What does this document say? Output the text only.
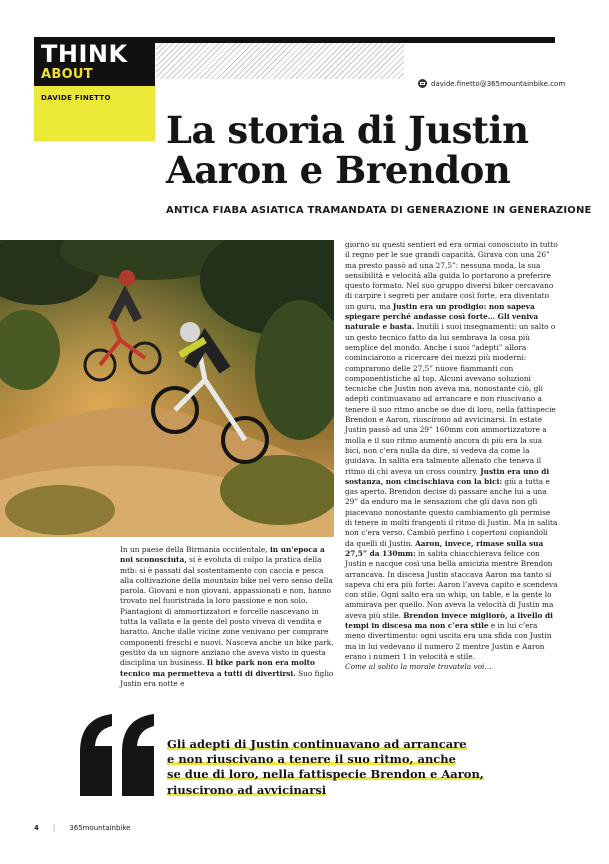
THINK
ABOUT
DAVIDE FINETTO
davide.finetto@365mountainbike.com
La storia di Justin
Aaron e Brendon
ANTICA FIABA ASIATICA TRAMANDATA DI GENERAZIONE IN GENERAZIONE

In un paese della Birmania occidentale, in un'epoca a noi sconosciuta, si è evoluta di colpo la pratica della mtb: si è passati dal sostentamento con caccia e pesca alla coltivazione della mountain bike nel vero senso della parola. Giovani e non giovani, appassionati e non, hanno trovato nel fuoristrada la loro passione e non solo. Piantagioni di ammortizzatori e forcelle nascevano in tutta la vallata e la gente del posto viveva di vendita e baratto. Anche dalle vicine zone venivano per comprare componenti freschi e nuovi. Nasceva anche un bike park, gestito da un signore anziano che aveva visto in questa disciplina un business. Il bike park non era molto tecnico ma permetteva a tutti di divertirsi. Suo figlio Justin era notte e

giorno su questi sentieri ed era ormai conosciuto in tutto il regno per le sue grandi capacità. Girava con una 26” ma presto passò ad una 27,5”: nessuna moda, la sua sensibilità e velocità alla guida lo portarono a preferire questo formato. Nel suo gruppo diversi biker cercavano di carpire i segreti per andare così forte, era diventato un guru, ma Justin era un prodigio: non sapeva spiegare perché andasse così forte… Gli veniva naturale e basta. Inutili i suoi insegnamenti: un salto o un gesto tecnico fatto da lui sembrava la cosa più semplice del mondo. Anche i suoi “adepti” allora cominciarono a ricercare dei mezzi più moderni: comprarono delle 27,5” nuove fiammanti con componentistiche al top. Alcuni avevano soluzioni tecniche che Justin non aveva ma, nonostante ciò, gli adepti continuavano ad arrancare e non riuscivano a tenere il suo ritmo anche se due di loro, nella fattispecie Brendon e Aaron, riuscirono ad avvicinarsi. In estate Justin passò ad una 29” 160mm con ammortizzatore a molla e il suo ritmo aumentò ancora di più era la sua bici, non c’era nulla da dire, si vedeva da come la guidava. In salita era talmente allenato che teneva il ritmo di chi aveva un cross country. Justin era uno di sostanza, non cincischiava con la bici: giù a tutta e gas aperto. Brendon decise di passare anche lui a una 29” da enduro ma le sensazioni che gli dava non gli piacevano nonostante questo cambiamento gli permise di tenere in molti frangenti il ritmo di Justin. Ma in salita non c’era verso. Cambiò perfino i copertoni copiandoli da quelli di Justin. Aaron, invece, rimase sulla sua 27,5” da 130mm: in salita chiacchierava felice con Justin e nacque così una bella amicizia mentre Brendon arrancava. In discesa Justin staccava Aaron ma tanto si sapeva chi era più forte: Aaron l’aveva capito e scendeva con stile. Ogni salto era un whip, un table, e la gente lo ammirava per quello. Non aveva la velocità di Justin ma aveva più stile. Brendon invece migliorò, a livello di tempi in discesa ma non c’era stile e in lui c’era meno divertimento: ogni uscita era una sfida con Justin ma in lui vedevano il numero 2 mentre Justin e Aaron erano i numeri 1 in velocità e stile.

Come al solito la morale trovatela voi…

Gli adepti di Justin continuavano ad arrancare
e non riuscivano a tenere il suo ritmo, anche
se due di loro, nella fattispecie Brendon e Aaron,
riuscirono ad avvicinarsi
4 | 365mountainbike
